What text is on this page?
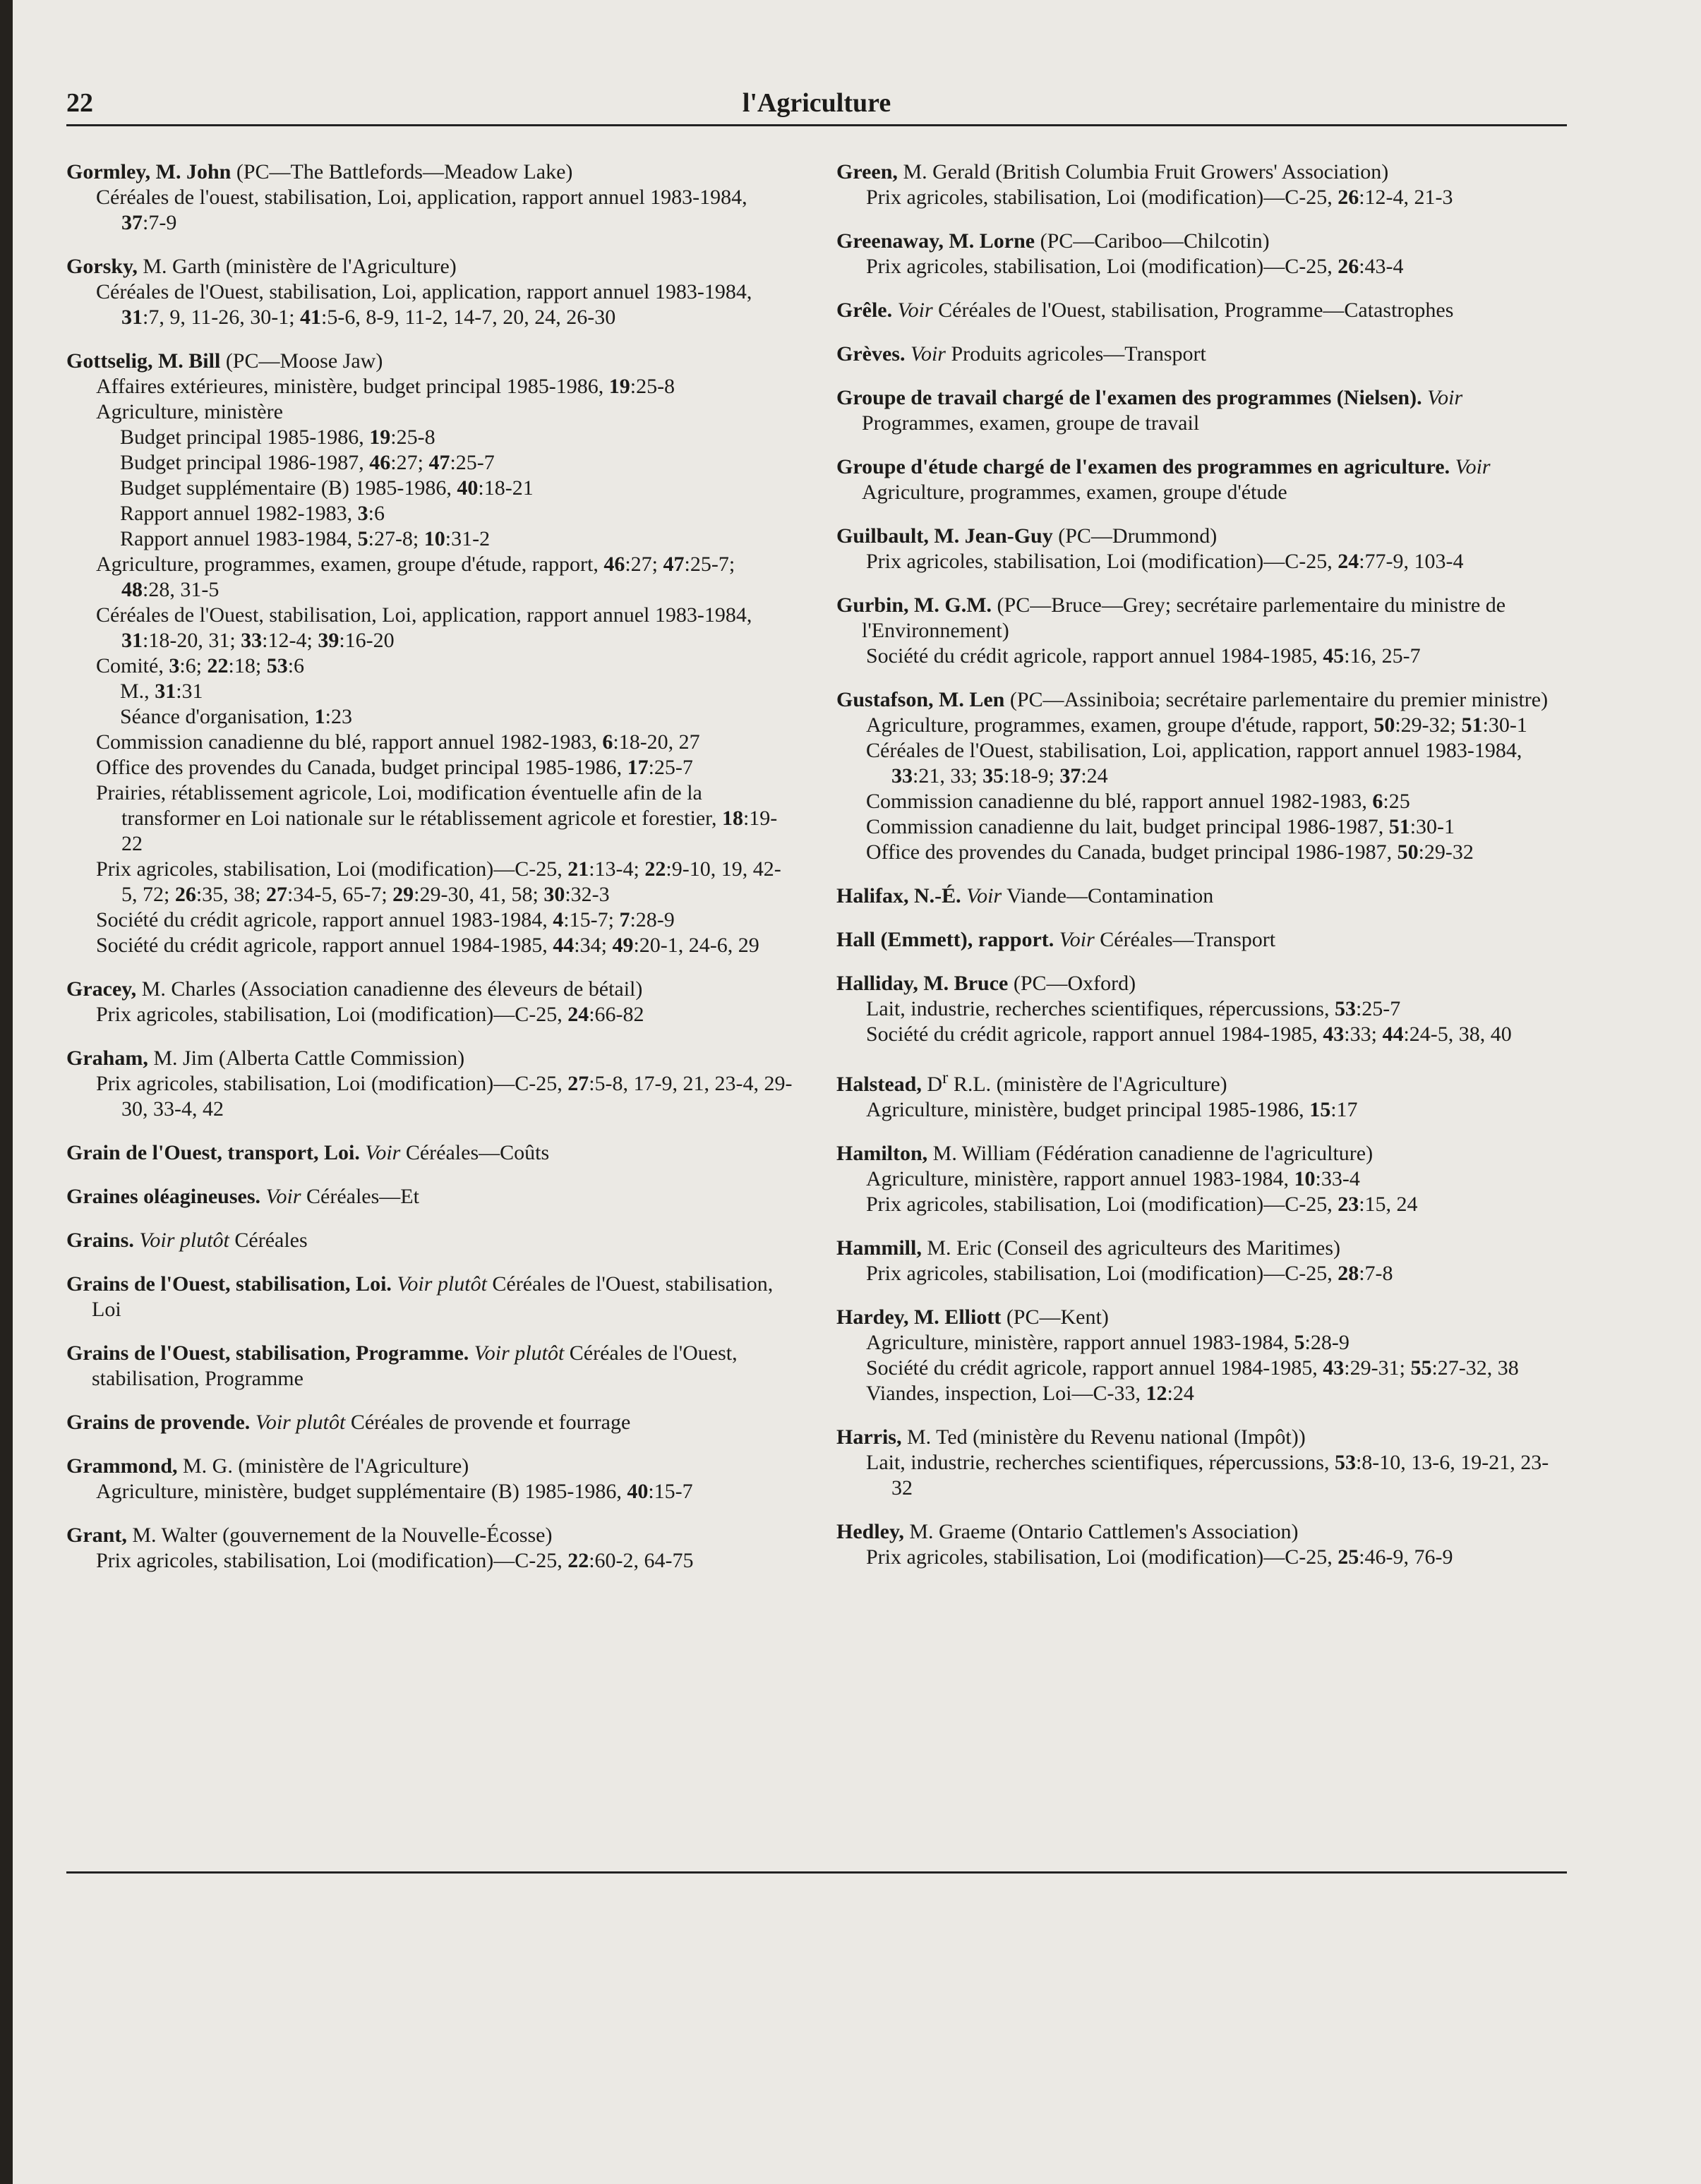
22	l'Agriculture
Gormley, M. John (PC—The Battlefords—Meadow Lake)
Céréales de l'ouest, stabilisation, Loi, application, rapport annuel 1983-1984, 37:7-9
Gorsky, M. Garth (ministère de l'Agriculture)
Céréales de l'Ouest, stabilisation, Loi, application, rapport annuel 1983-1984, 31:7, 9, 11-26, 30-1; 41:5-6, 8-9, 11-2, 14-7, 20, 24, 26-30
Gottselig, M. Bill (PC—Moose Jaw)
Affaires extérieures, ministère, budget principal 1985-1986, 19:25-8
Agriculture, ministère
Budget principal 1985-1986, 19:25-8
Budget principal 1986-1987, 46:27; 47:25-7
Budget supplémentaire (B) 1985-1986, 40:18-21
Rapport annuel 1982-1983, 3:6
Rapport annuel 1983-1984, 5:27-8; 10:31-2
Agriculture, programmes, examen, groupe d'étude, rapport, 46:27; 47:25-7; 48:28, 31-5
Céréales de l'Ouest, stabilisation, Loi, application, rapport annuel 1983-1984, 31:18-20, 31; 33:12-4; 39:16-20
Comité, 3:6; 22:18; 53:6
M., 31:31
Séance d'organisation, 1:23
Commission canadienne du blé, rapport annuel 1982-1983, 6:18-20, 27
Office des provendes du Canada, budget principal 1985-1986, 17:25-7
Prairies, rétablissement agricole, Loi, modification éventuelle afin de la transformer en Loi nationale sur le rétablissement agricole et forestier, 18:19-22
Prix agricoles, stabilisation, Loi (modification)—C-25, 21:13-4; 22:9-10, 19, 42-5, 72; 26:35, 38; 27:34-5, 65-7; 29:29-30, 41, 58; 30:32-3
Société du crédit agricole, rapport annuel 1983-1984, 4:15-7; 7:28-9
Société du crédit agricole, rapport annuel 1984-1985, 44:34; 49:20-1, 24-6, 29
Gracey, M. Charles (Association canadienne des éleveurs de bétail)
Prix agricoles, stabilisation, Loi (modification)—C-25, 24:66-82
Graham, M. Jim (Alberta Cattle Commission)
Prix agricoles, stabilisation, Loi (modification)—C-25, 27:5-8, 17-9, 21, 23-4, 29-30, 33-4, 42
Grain de l'Ouest, transport, Loi. Voir Céréales—Coûts
Graines oléagineuses. Voir Céréales—Et
Grains. Voir plutôt Céréales
Grains de l'Ouest, stabilisation, Loi. Voir plutôt Céréales de l'Ouest, stabilisation, Loi
Grains de l'Ouest, stabilisation, Programme. Voir plutôt Céréales de l'Ouest, stabilisation, Programme
Grains de provende. Voir plutôt Céréales de provende et fourrage
Grammond, M. G. (ministère de l'Agriculture)
Agriculture, ministère, budget supplémentaire (B) 1985-1986, 40:15-7
Grant, M. Walter (gouvernement de la Nouvelle-Écosse)
Prix agricoles, stabilisation, Loi (modification)—C-25, 22:60-2, 64-75
Green, M. Gerald (British Columbia Fruit Growers' Association)
Prix agricoles, stabilisation, Loi (modification)—C-25, 26:12-4, 21-3
Greenaway, M. Lorne (PC—Cariboo—Chilcotin)
Prix agricoles, stabilisation, Loi (modification)—C-25, 26:43-4
Grêle. Voir Céréales de l'Ouest, stabilisation, Programme—Catastrophes
Grèves. Voir Produits agricoles—Transport
Groupe de travail chargé de l'examen des programmes (Nielsen). Voir Programmes, examen, groupe de travail
Groupe d'étude chargé de l'examen des programmes en agriculture. Voir Agriculture, programmes, examen, groupe d'étude
Guilbault, M. Jean-Guy (PC—Drummond)
Prix agricoles, stabilisation, Loi (modification)—C-25, 24:77-9, 103-4
Gurbin, M. G.M. (PC—Bruce—Grey; secrétaire parlementaire du ministre de l'Environnement)
Société du crédit agricole, rapport annuel 1984-1985, 45:16, 25-7
Gustafson, M. Len (PC—Assiniboia; secrétaire parlementaire du premier ministre)
Agriculture, programmes, examen, groupe d'étude, rapport, 50:29-32; 51:30-1
Céréales de l'Ouest, stabilisation, Loi, application, rapport annuel 1983-1984, 33:21, 33; 35:18-9; 37:24
Commission canadienne du blé, rapport annuel 1982-1983, 6:25
Commission canadienne du lait, budget principal 1986-1987, 51:30-1
Office des provendes du Canada, budget principal 1986-1987, 50:29-32
Halifax, N.-É. Voir Viande—Contamination
Hall (Emmett), rapport. Voir Céréales—Transport
Halliday, M. Bruce (PC—Oxford)
Lait, industrie, recherches scientifiques, répercussions, 53:25-7
Société du crédit agricole, rapport annuel 1984-1985, 43:33; 44:24-5, 38, 40
Halstead, $D^r$ R.L. (ministère de l'Agriculture)
Agriculture, ministère, budget principal 1985-1986, 15:17
Hamilton, M. William (Fédération canadienne de l'agriculture)
Agriculture, ministère, rapport annuel 1983-1984, 10:33-4
Prix agricoles, stabilisation, Loi (modification)—C-25, 23:15, 24
Hammill, M. Eric (Conseil des agriculteurs des Maritimes)
Prix agricoles, stabilisation, Loi (modification)—C-25, 28:7-8
Hardey, M. Elliott (PC—Kent)
Agriculture, ministère, rapport annuel 1983-1984, 5:28-9
Société du crédit agricole, rapport annuel 1984-1985, 43:29-31; 55:27-32, 38
Viandes, inspection, Loi—C-33, 12:24
Harris, M. Ted (ministère du Revenu national (Impôt))
Lait, industrie, recherches scientifiques, répercussions, 53:8-10, 13-6, 19-21, 23-32
Hedley, M. Graeme (Ontario Cattlemen's Association)
Prix agricoles, stabilisation, Loi (modification)—C-25, 25:46-9, 76-9
